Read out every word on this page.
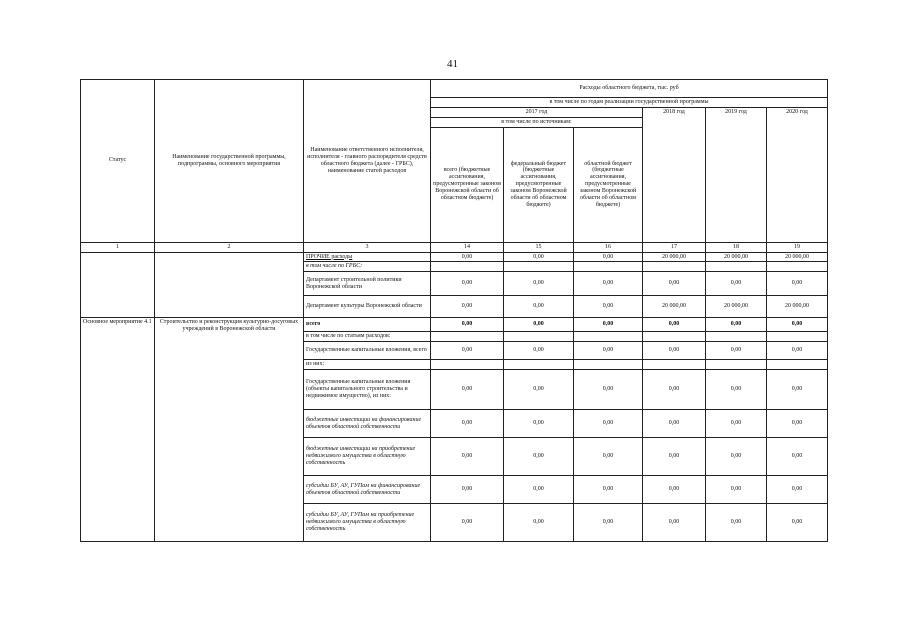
41
Статус	Наименование государственной программы, подпрограммы, основного мероприятия	Наименование ответственного исполнителя, исполнителя - главного распорядителя средств областного бюджета (далее - ГРБС), наименование статей расходов	Расходы областного бюджета, тыс. руб					
			в том числе по годам реализации государственной программы					
			2017 год			2018 год	2019 год	2020 год
			в том числе по источникам:					
			всего (бюджетные ассигнования, предусмотренные законом Воронежской области об областном бюджете)	федеральный бюджет (бюджетные ассигнования, предусмотренные законом Воронежской области об областном бюджете)	областной бюджет (бюджетные ассигнования, предусмотренные законом Воронежской области об областном бюджете)			
1	2	3	14	15	16	17	18	19
		ПРОЧИЕ расходы	0,00	0,00	0,00	20 000,00	20 000,00	20 000,00
		в том числе по ГРБС:						
		Департамент строительной политики Воронежской области	0,00	0,00	0,00	0,00	0,00	0,00
		Департамент культуры Воронежской области	0,00	0,00	0,00	20 000,00	20 000,00	20 000,00
Основное мероприятие 4.1	Строительство и реконструкция культурно-досуговых учреждений в Воронежской области	всего	0,00	0,00	0,00	0,00	0,00	0,00
		в том числе по статьям расходов:						
		Государственные капитальные вложения, всего	0,00	0,00	0,00	0,00	0,00	0,00
		из них:						
		Государственные капитальные вложения (объекты капитального строительства и недвижимое имущество), из них:	0,00	0,00	0,00	0,00	0,00	0,00
		бюджетные инвестиции на финансирование объектов областной собственности	0,00	0,00	0,00	0,00	0,00	0,00
		бюджетные инвестиции на приобретение недвижимого имущества в областную собственность	0,00	0,00	0,00	0,00	0,00	0,00
		субсидии БУ, АУ, ГУПам на финансирование объектов областной собственности	0,00	0,00	0,00	0,00	0,00	0,00
		субсидии БУ, АУ, ГУПам на приобретение недвижимого имущества в областную собственность	0,00	0,00	0,00	0,00	0,00	0,00
